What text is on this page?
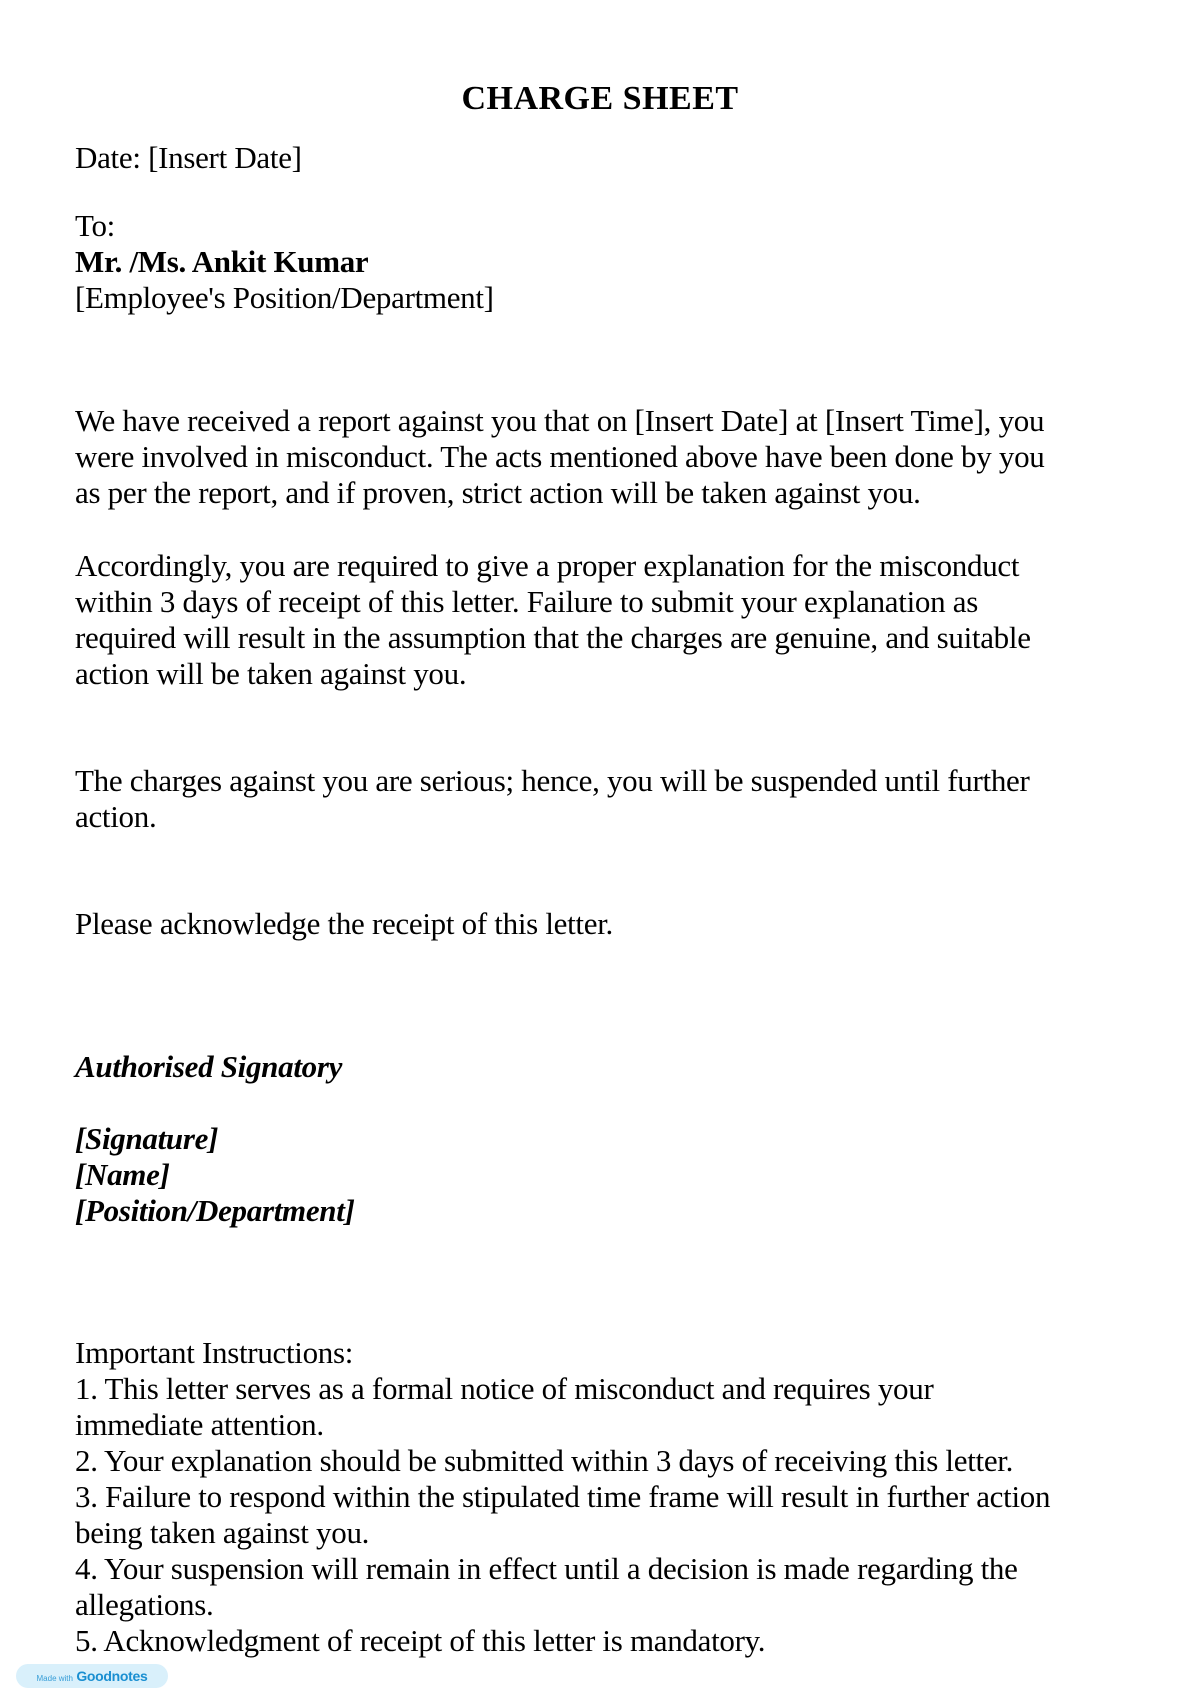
CHARGE SHEET
Date: [Insert Date]
To:
Mr. /Ms. Ankit Kumar
[Employee's Position/Department]
We have received a report against you that on [Insert Date] at [Insert Time], you
were involved in misconduct. The acts mentioned above have been done by you
as per the report, and if proven, strict action will be taken against you.
Accordingly, you are required to give a proper explanation for the misconduct
within 3 days of receipt of this letter. Failure to submit your explanation as
required will result in the assumption that the charges are genuine, and suitable
action will be taken against you.
The charges against you are serious; hence, you will be suspended until further
action.
Please acknowledge the receipt of this letter.
Authorised Signatory
[Signature]
[Name]
[Position/Department]
Important Instructions:
1. This letter serves as a formal notice of misconduct and requires your
immediate attention.
2. Your explanation should be submitted within 3 days of receiving this letter.
3. Failure to respond within the stipulated time frame will result in further action
being taken against you.
4. Your suspension will remain in effect until a decision is made regarding the
allegations.
5. Acknowledgment of receipt of this letter is mandatory.
Made with Goodnotes
